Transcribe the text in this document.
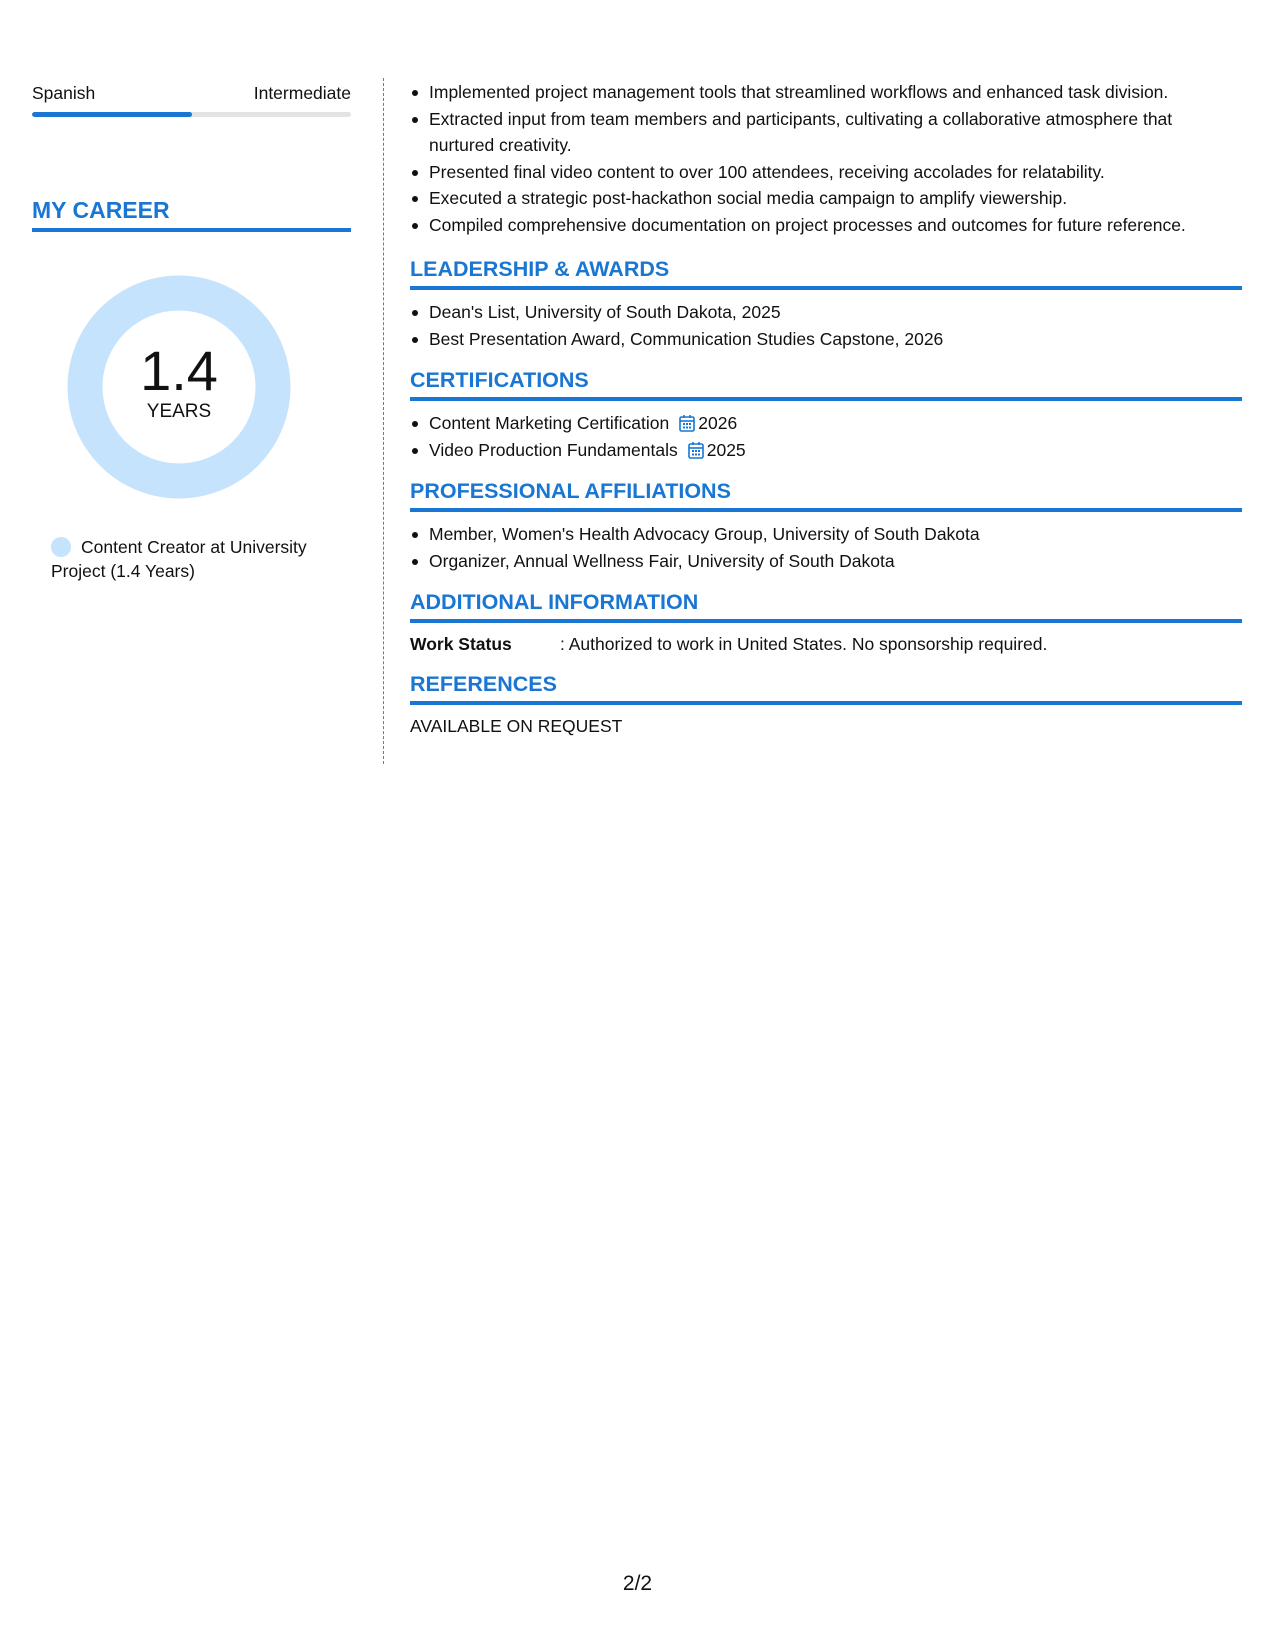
Spanish	Intermediate
MY CAREER
1.4
YEARS
Content Creator at University Project (1.4 Years)
Implemented project management tools that streamlined workflows and enhanced task division.
Extracted input from team members and participants, cultivating a collaborative atmosphere that nurtured creativity.
Presented final video content to over 100 attendees, receiving accolades for relatability.
Executed a strategic post-hackathon social media campaign to amplify viewership.
Compiled comprehensive documentation on project processes and outcomes for future reference.
LEADERSHIP & AWARDS
Dean's List, University of South Dakota, 2025
Best Presentation Award, Communication Studies Capstone, 2026
CERTIFICATIONS
Content Marketing Certification 2026
Video Production Fundamentals 2025
PROFESSIONAL AFFILIATIONS
Member, Women's Health Advocacy Group, University of South Dakota
Organizer, Annual Wellness Fair, University of South Dakota
ADDITIONAL INFORMATION
Work Status	: Authorized to work in United States. No sponsorship required.
REFERENCES
AVAILABLE ON REQUEST
2/2
